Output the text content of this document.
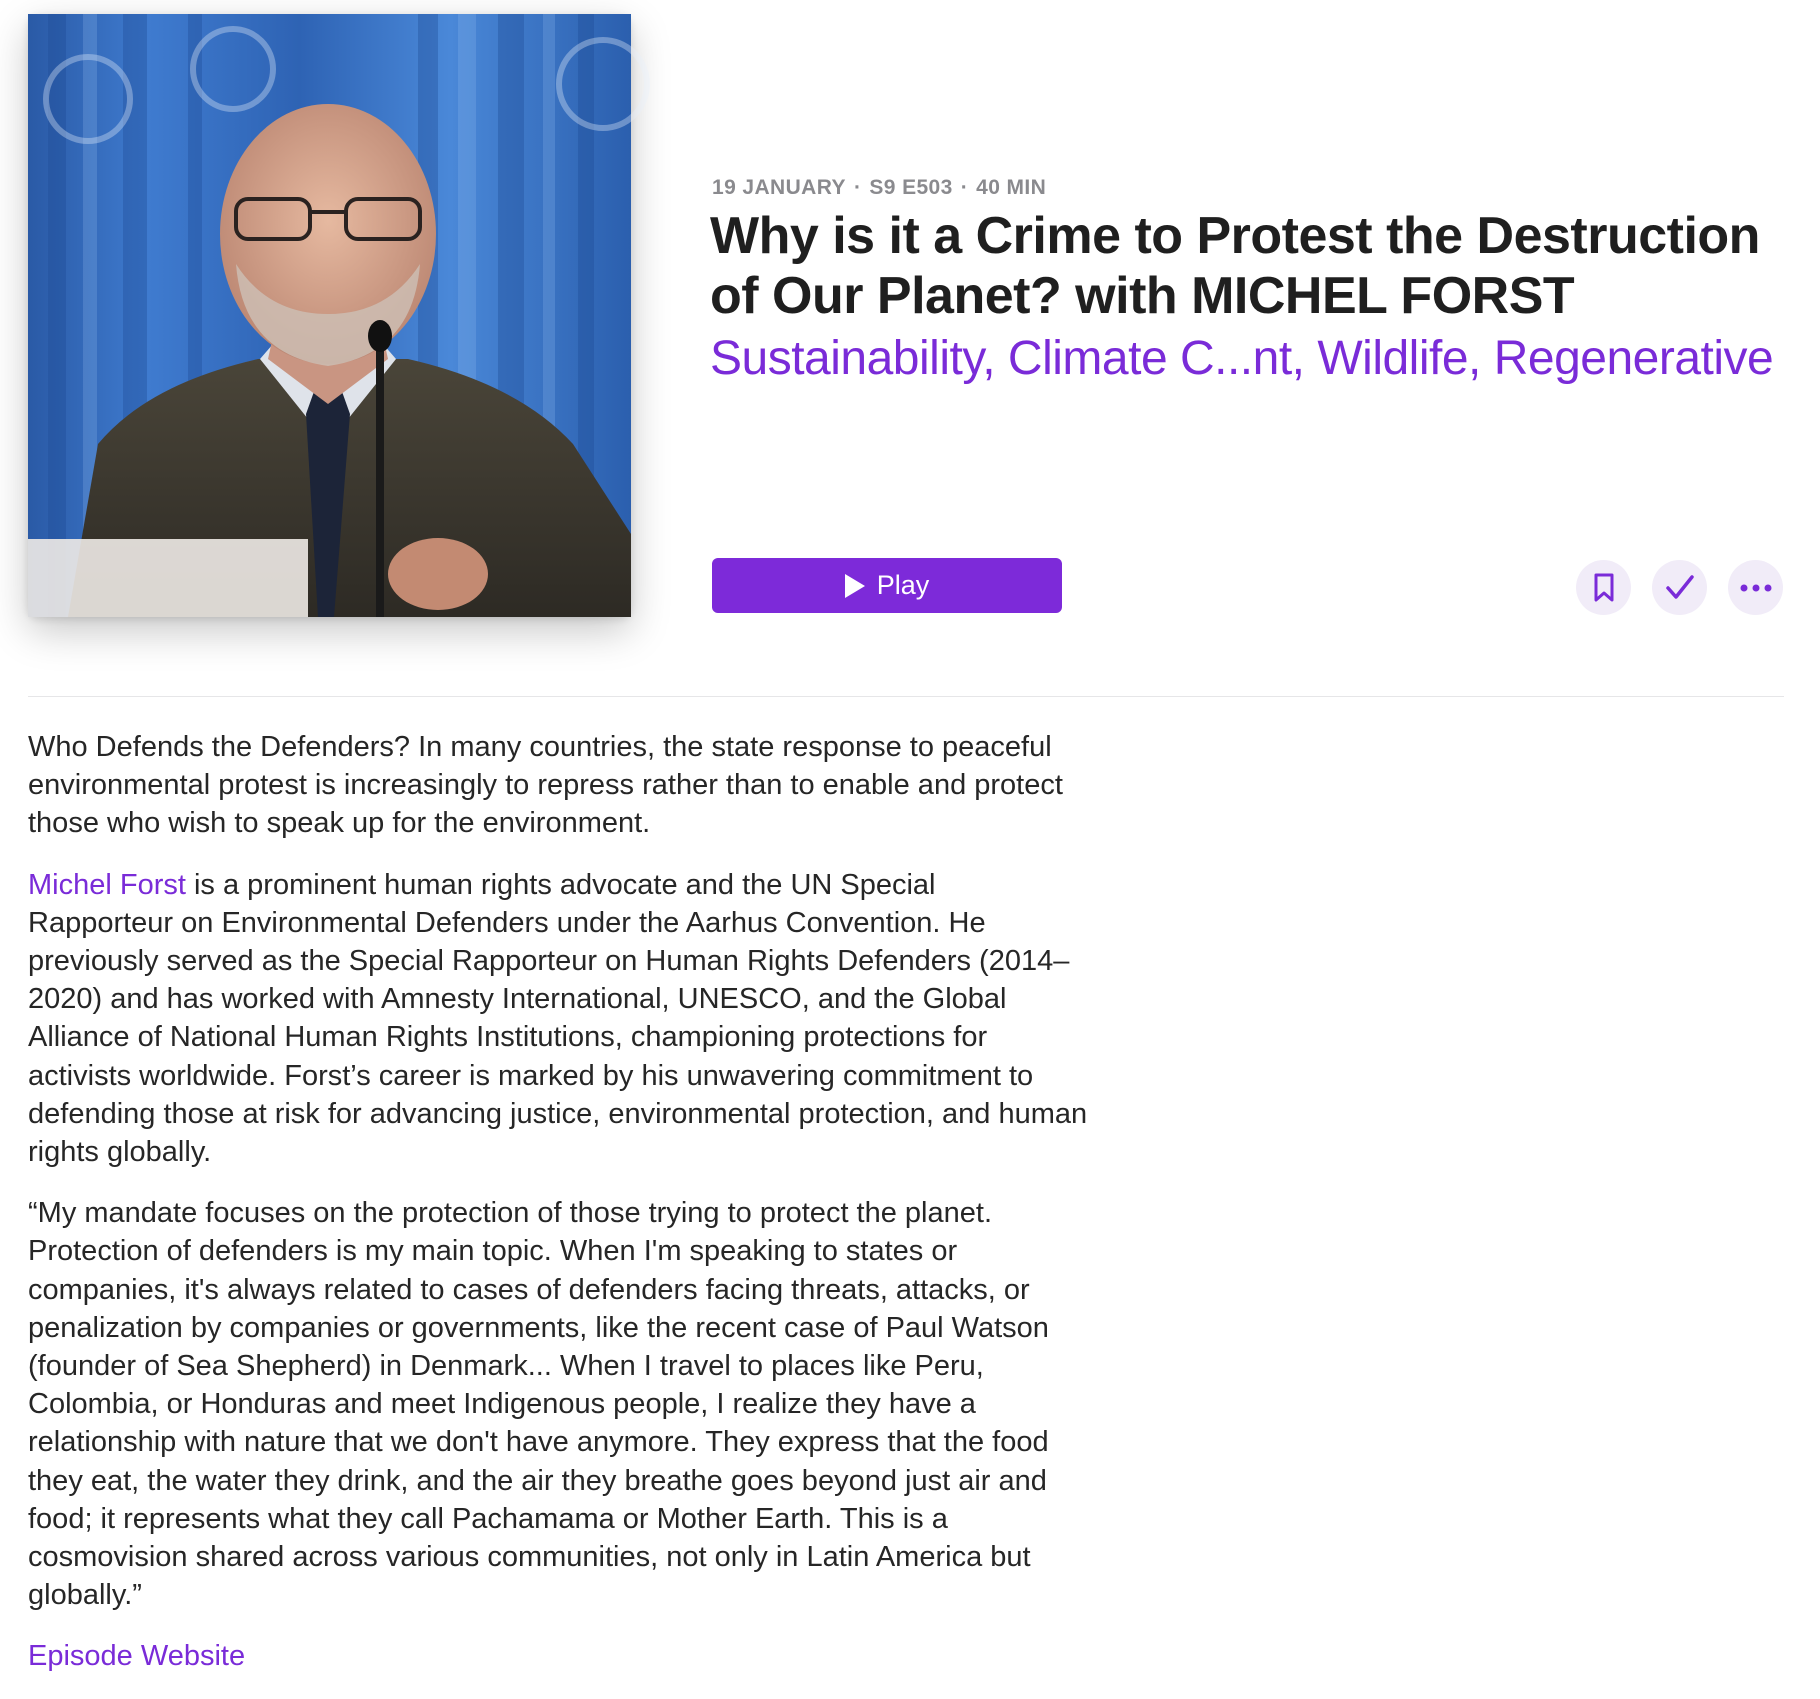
19 JANUARY · S9 E503 · 40 MIN
Why is it a Crime to Protest the Destruction of Our Planet? with MICHEL FORST
Sustainability, Climate C...nt, Wildlife, Regenerative
Play

Who Defends the Defenders? In many countries, the state response to peaceful environmental protest is increasingly to repress rather than to enable and protect those who wish to speak up for the environment.

Michel Forst is a prominent human rights advocate and the UN Special Rapporteur on Environmental Defenders under the Aarhus Convention. He previously served as the Special Rapporteur on Human Rights Defenders (2014–2020) and has worked with Amnesty International, UNESCO, and the Global Alliance of National Human Rights Institutions, championing protections for activists worldwide. Forst’s career is marked by his unwavering commitment to defending those at risk for advancing justice, environmental protection, and human rights globally.

“My mandate focuses on the protection of those trying to protect the planet. Protection of defenders is my main topic. When I'm speaking to states or companies, it's always related to cases of defenders facing threats, attacks, or penalization by companies or governments, like the recent case of Paul Watson (founder of Sea Shepherd) in Denmark... When I travel to places like Peru, Colombia, or Honduras and meet Indigenous people, I realize they have a relationship with nature that we don't have anymore. They express that the food they eat, the water they drink, and the air they breathe goes beyond just air and food; it represents what they call Pachamama or Mother Earth. This is a cosmovision shared across various communities, not only in Latin America but globally.”

Episode Website
